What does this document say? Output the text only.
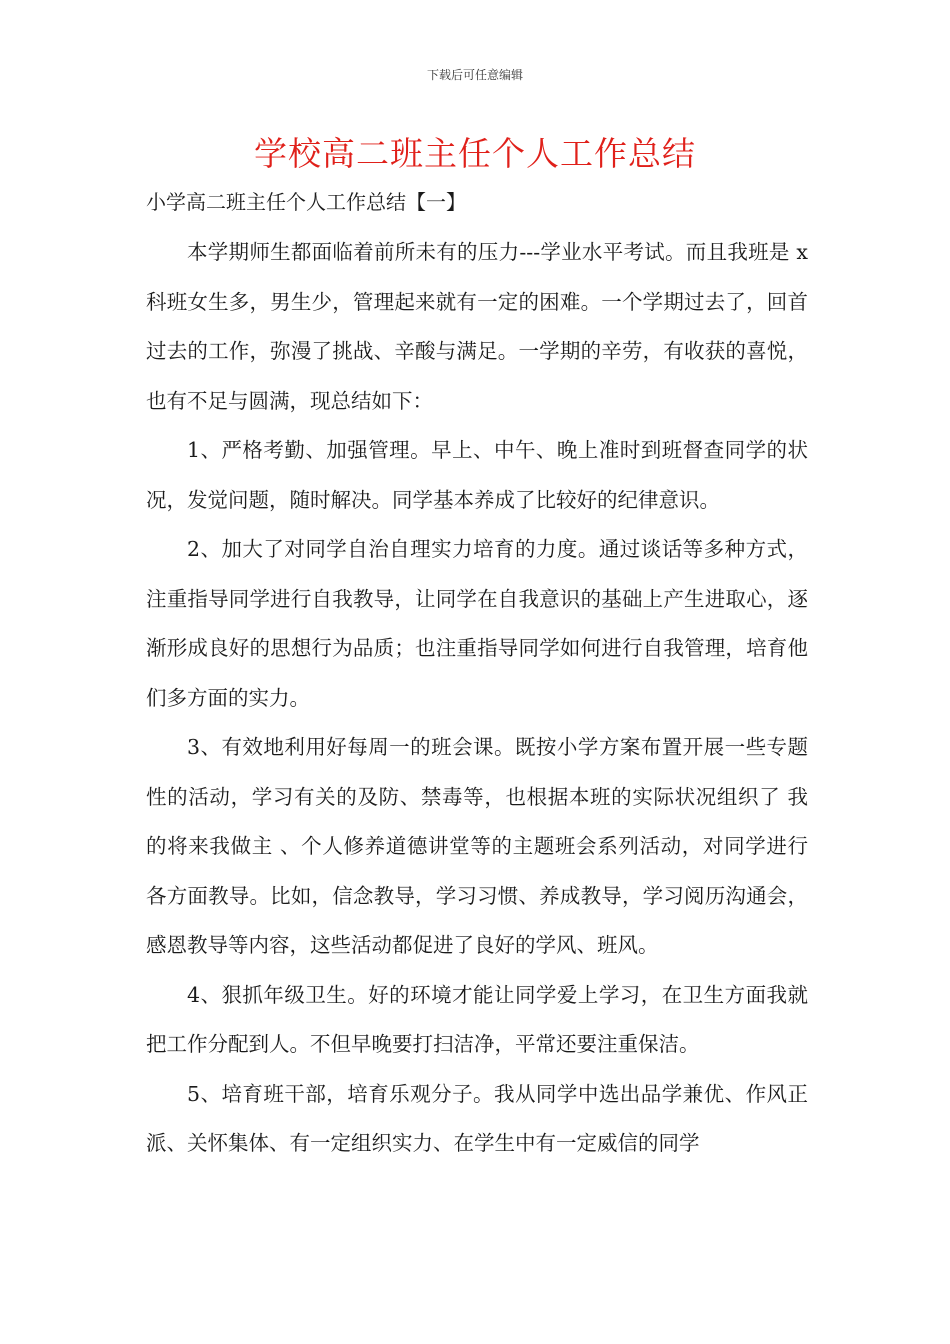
下载后可任意编辑
学校高二班主任个人工作总结

小学高二班主任个人工作总结【一】

本学期师生都面临着前所未有的压力---学业水平考试。而且我班是 x 科班女生多，男生少，管理起来就有一定的困难。一个学期过去了，回首过去的工作，弥漫了挑战、辛酸与满足。一学期的辛劳，有收获的喜悦，也有不足与圆满，现总结如下：

1、严格考勤、加强管理。早上、中午、晚上准时到班督查同学的状况，发觉问题，随时解决。同学基本养成了比较好的纪律意识。

2、加大了对同学自治自理实力培育的力度。通过谈话等多种方式，注重指导同学进行自我教导，让同学在自我意识的基础上产生进取心，逐渐形成良好的思想行为品质；也注重指导同学如何进行自我管理，培育他们多方面的实力。

3、有效地利用好每周一的班会课。既按小学方案布置开展一些专题性的活动，学习有关的及防、禁毒等，也根据本班的实际状况组织了 我的将来我做主 、个人修养道德讲堂等的主题班会系列活动，对同学进行各方面教导。比如，信念教导，学习习惯、养成教导，学习阅历沟通会，感恩教导等内容，这些活动都促进了良好的学风、班风。

4、狠抓年级卫生。好的环境才能让同学爱上学习，在卫生方面我就把工作分配到人。不但早晚要打扫洁净，平常还要注重保洁。

5、培育班干部，培育乐观分子。我从同学中选出品学兼优、作风正派、关怀集体、有一定组织实力、在学生中有一定威信的同学
